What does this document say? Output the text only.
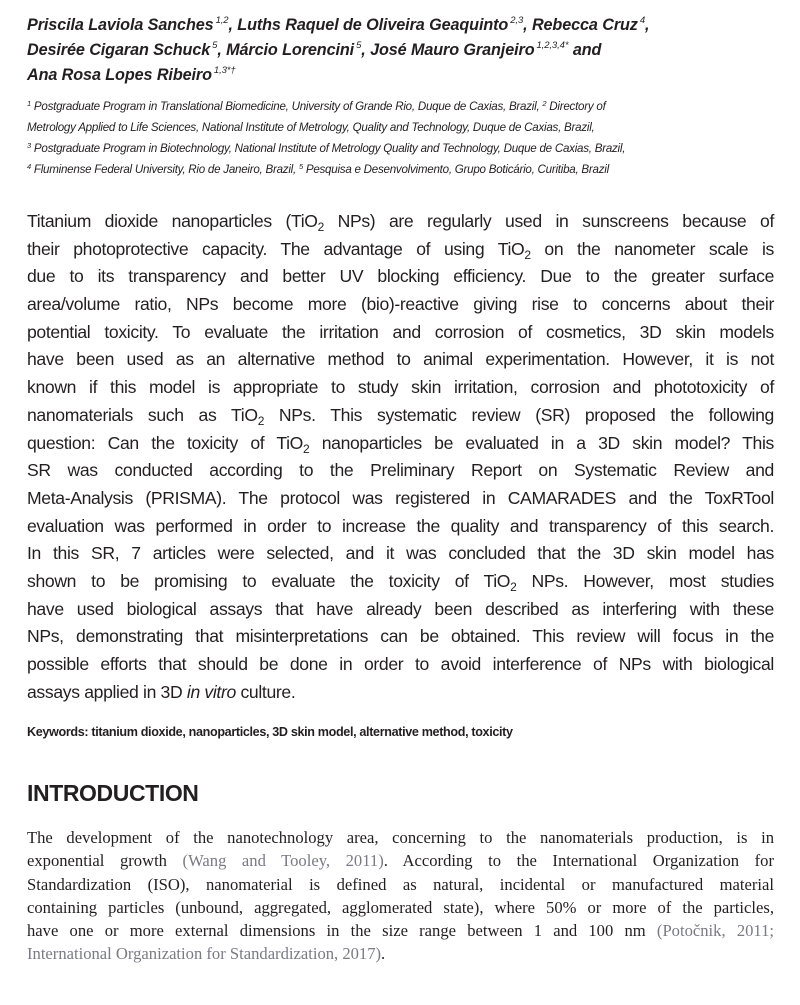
Priscila Laviola Sanches $^{1,2}$, Luths Raquel de Oliveira Geaquinto $^{2,3}$, Rebecca Cruz $^4$,
Desirée Cigaran Schuck $^5$, Márcio Lorencini $^5$, José Mauro Granjeiro $^{1,2,3,4*}$ and
Ana Rosa Lopes Ribeiro $^{1,3*\dagger}$
$^1$ Postgraduate Program in Translational Biomedicine, University of Grande Rio, Duque de Caxias, Brazil, $^2$ Directory of
Metrology Applied to Life Sciences, National Institute of Metrology, Quality and Technology, Duque de Caxias, Brazil,
$^3$ Postgraduate Program in Biotechnology, National Institute of Metrology Quality and Technology, Duque de Caxias, Brazil,
$^4$ Fluminense Federal University, Rio de Janeiro, Brazil, $^5$ Pesquisa e Desenvolvimento, Grupo Boticário, Curitiba, Brazil
Titanium dioxide nanoparticles (TiO$_2$ NPs) are regularly used in sunscreens because of
their photoprotective capacity. The advantage of using TiO$_2$ on the nanometer scale is
due to its transparency and better UV blocking efficiency. Due to the greater surface
area/volume ratio, NPs become more (bio)-reactive giving rise to concerns about their
potential toxicity. To evaluate the irritation and corrosion of cosmetics, 3D skin models
have been used as an alternative method to animal experimentation. However, it is not
known if this model is appropriate to study skin irritation, corrosion and phototoxicity of
nanomaterials such as TiO$_2$ NPs. This systematic review (SR) proposed the following
question: Can the toxicity of TiO$_2$ nanoparticles be evaluated in a 3D skin model? This
SR was conducted according to the Preliminary Report on Systematic Review and
Meta-Analysis (PRISMA). The protocol was registered in CAMARADES and the ToxRTool
evaluation was performed in order to increase the quality and transparency of this search.
In this SR, 7 articles were selected, and it was concluded that the 3D skin model has
shown to be promising to evaluate the toxicity of TiO$_2$ NPs. However, most studies
have used biological assays that have already been described as interfering with these
NPs, demonstrating that misinterpretations can be obtained. This review will focus in the
possible efforts that should be done in order to avoid interference of NPs with biological
assays applied in 3D in vitro culture.
Keywords: titanium dioxide, nanoparticles, 3D skin model, alternative method, toxicity
INTRODUCTION
The development of the nanotechnology area, concerning to the nanomaterials production, is in
exponential growth (Wang and Tooley, 2011). According to the International Organization for
Standardization (ISO), nanomaterial is defined as natural, incidental or manufactured material
containing particles (unbound, aggregated, agglomerated state), where 50% or more of the particles,
have one or more external dimensions in the size range between 1 and 100 nm (Potočnik, 2011;
International Organization for Standardization, 2017).
